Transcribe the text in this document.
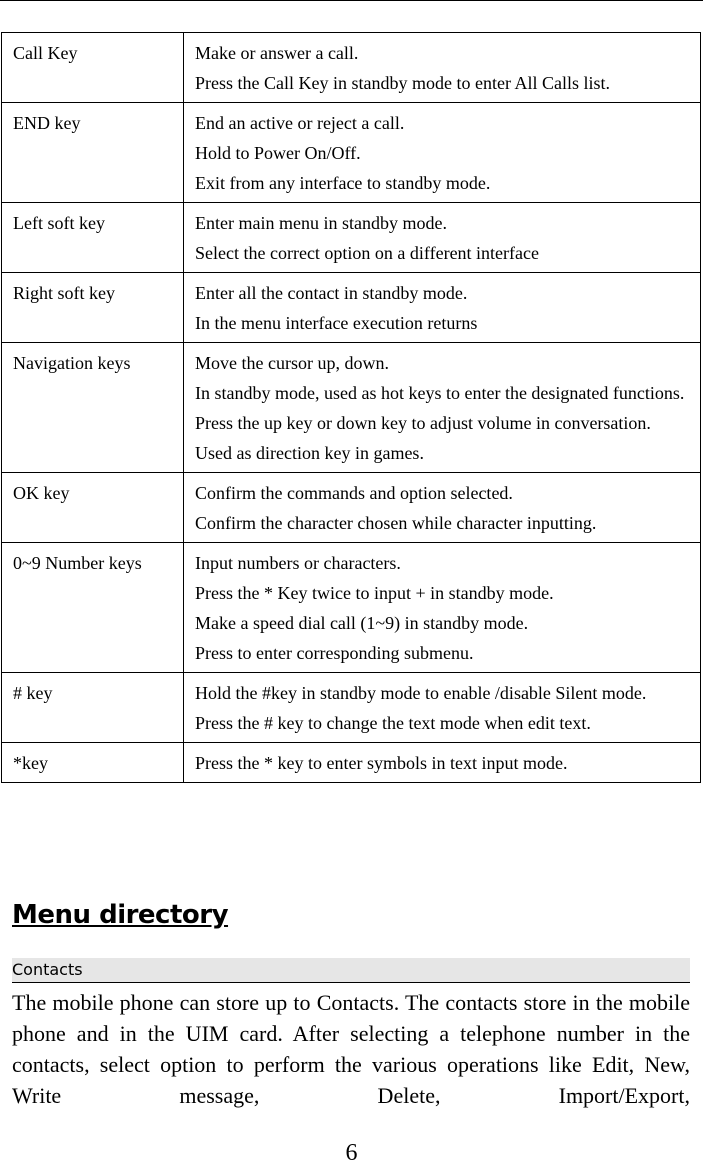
Call Key	Make or answer a call.
Press the Call Key in standby mode to enter All Calls list.

END key	End an active or reject a call.
Hold to Power On/Off.
Exit from any interface to standby mode.

Left soft key	Enter main menu in standby mode.
Select the correct option on a different interface

Right soft key	Enter all the contact in standby mode.
In the menu interface execution returns

Navigation keys	Move the cursor up, down.
In standby mode, used as hot keys to enter the designated functions.
Press the up key or down key to adjust volume in conversation.
Used as direction key in games.

OK key	Confirm the commands and option selected.
Confirm the character chosen while character inputting.

0~9 Number keys	Input numbers or characters.
Press the * Key twice to input + in standby mode.
Make a speed dial call (1~9) in standby mode.
Press to enter corresponding submenu.

# key	Hold the #key in standby mode to enable /disable Silent mode.
Press the # key to change the text mode when edit text.

*key	Press the * key to enter symbols in text input mode.
Menu directory
Contacts
The mobile phone can store up to Contacts. The contacts store in the mobile phone and in the UIM card. After selecting a telephone number in the contacts, select option to perform the various operations like Edit, New, Write message, Delete, Import/Export,
6
